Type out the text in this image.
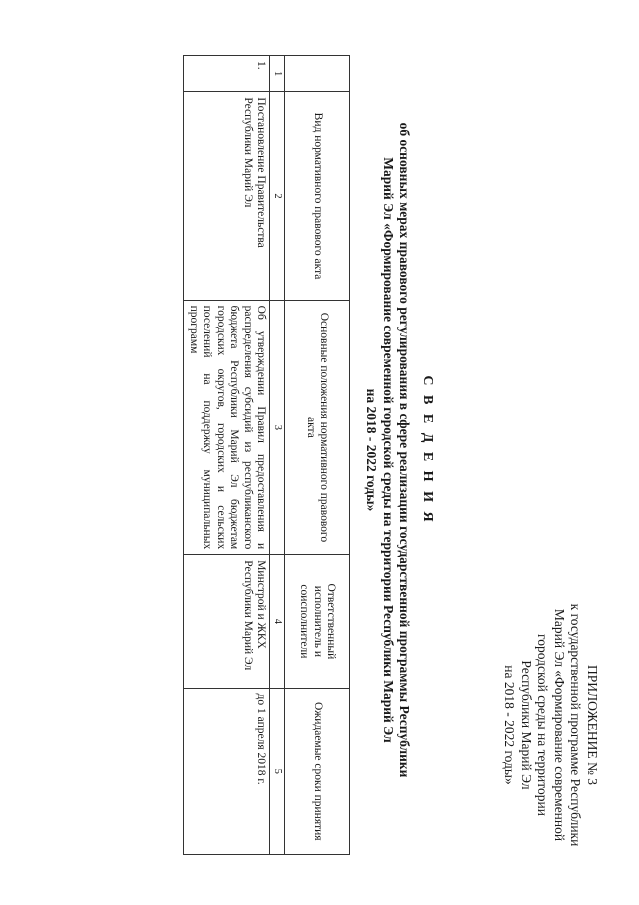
ПРИЛОЖЕНИЕ № 3
к государственной программе Республики
Марий Эл «Формирование современной
городской среды на территории
Республики Марий Эл
на 2018 - 2022 годы»
С В Е Д Е Н И Я
об основных мерах правового регулирования в сфере реализации государственной программы Республики
Марий Эл «Формирование современной городской среды на территории Республики Марий Эл
на 2018 - 2022 годы»
	Вид нормативного правового акта	Основные положения нормативного правового акта	Ответственный исполнитель и соисполнители	Ожидаемые сроки принятия
1	2	3	4	5
1.	Постановление Правительства Республики Марий Эл	Об утверждении Правил предоставления и распределения субсидий из республиканского бюджета Республики Марий Эл бюджетам городских округов, городских и сельских поселений на поддержку муниципальных программ	Минстрой и ЖКХ Республики Марий Эл	до 1 апреля 2018 г.
